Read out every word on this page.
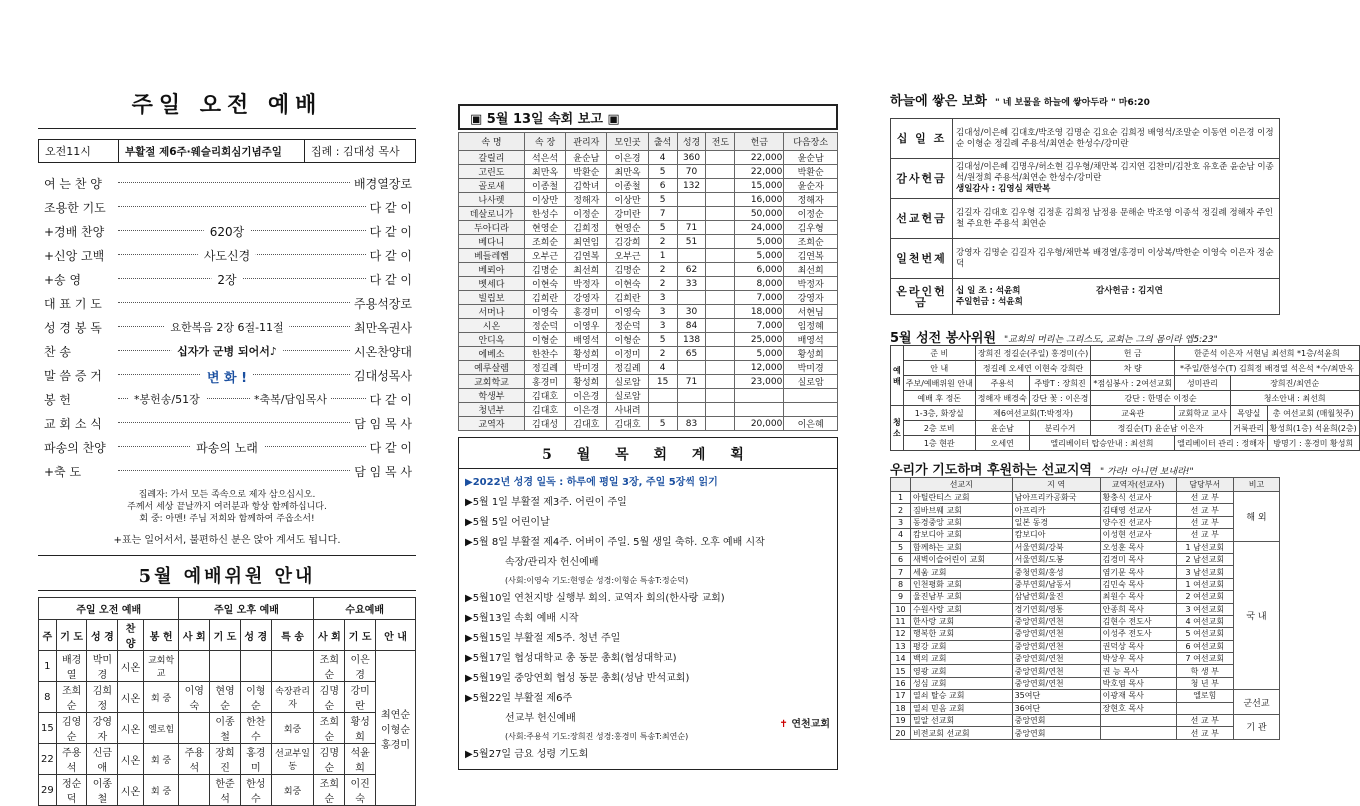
주일 오전 예배
오전11시	부활절 제6주·웨슬리회심기념주일	집례 : 김대성 목사
여 는 찬 양	배경열장로
조용한 기도	다 같 이
+경배 찬양	620장	다 같 이
+신앙 고백	사도신경	다 같 이
+송 영	2장	다 같 이
대 표 기 도	주용석장로
성 경 봉 독	요한복음 2장 6절-11절	최만옥권사
찬 송	십자가 군병 되어서♪	시온찬양대
말 씀 증 거	변 화 !	김대성목사
봉 헌	*봉헌송/51장	*축복/담임목사	다 같 이
교 회 소 식	담 임 목 사
파송의 찬양	파송의 노래	다 같 이
+축 도	담 임 목 사
집례자: 가서 모든 족속으로 제자 삼으십시오.
주께서 세상 끝날까지 여러분과 항상 함께하십니다.
회 중: 아멘! 주님 저희와 함께하여 주옵소서!
+표는 일어서서, 불편하신 분은 앉아 계셔도 됩니다.
5월 예배위원 안내
주일 오전 예배					주일 오후 예배				수요예배		
주	기 도	성 경	찬 양	봉 헌	사 회	기 도	성 경	특 송	사 회	기 도	안 내
1	배경열	박미경	시온	교회학교					조희순	이은경	최연순 이형순 홍경미
8	조희순	김희정	시온	회 중	이영숙	현영순	이형순	속장관리자	김명순	강미란	
15	김영순	강영자	시온	엘로힘		이종철	한찬수	회중	조희순	황성희	
22	주용석	신금애	시온	회 중	주용석	장희진	홍경미	선교부일동	김명순	석윤희	
29	정순덕	이종철	시온	회 중		한준석	한성수	회중	조희순	이진숙	
▣ 5월 13일 속회 보고 ▣
속 명	속 장	관리자	모인곳	출석	성경	전도	헌금	다음장소
갈릴리	석은석	윤순남	이은경	4	360		22,000	윤순남
고린도	최만옥	박환순	최만옥	5	70		22,000	박환순
골로새	이종철	김학녀	이종철	6	132		15,000	윤순자
나사렛	이상만	정해자	이상만	5			16,000	정해자
데살로니가	한성수	이정순	강미란	7			50,000	이정순
두아디라	현영순	김희정	현영순	5	71		24,000	김우형
베다니	조희순	최연임	김강희	2	51		5,000	조희순
베들레헴	오부근	김연복	오부근	1			5,000	김연복
베뢰아	김명순	최선희	김명순	2	62		6,000	최선희
벳세다	이현숙	박정자	이현숙	2	33		8,000	박정자
빌립보	김희란	강영자	김희란	3			7,000	강영자
서머나	이영숙	홍경미	이영숙	3	30		18,000	서현님
시온	정순덕	이영우	정순덕	3	84		7,000	임정혜
안디옥	이형순	배영석	이형순	5	138		25,000	배영석
에베소	한찬수	황성희	이정미	2	65		5,000	황성희
예루살렘	정길례	박미경	정길례	4			12,000	박미경
교회학교	홍경미	황성희	실로암	15	71		23,000	실로암
학생부	김대호	이은경	실로암					
청년부	김대호	이은경	사내려					
교역자	김대성	김대호	김대호	5	83		20,000	이은혜
5 월 목 회 계 획
▶2022년 성경 일독 : 하루에 평일 3장, 주일 5장씩 읽기
▶5월 1일 부활절 제3주. 어린이 주일
▶5월 5일 어린이날
▶5월 8일 부활절 제4주. 어버이 주일. 5월 생일 축하. 오후 예배 시작
속장/관리자 헌신예배
(사회:이영숙 기도:현영순 성경:이형순 특송T:정순덕)
▶5월10일 연천지방 실행부 회의. 교역자 회의(한사랑 교회)
▶5월13일 속회 예배 시작
▶5월15일 부활절 제5주. 청년 주일
▶5월17일 협성대학교 총 동문 총회(협성대학교)
▶5월19일 중앙연회 협성 동문 총회(성남 반석교회)
▶5월22일 부활절 제6주
선교부 헌신예배
(사회:주용석 기도:장희진 성경:홍경미 특송T:최연순)
▶5월27일 금요 성령 기도회
✝ 연천교회
하늘에 쌓은 보화 " 네 보물을 하늘에 쌓아두라 " 마6:20
십 일 조	김대성/이은혜 김대호/박조영 김명순 김요순 김희정 배영석/조말순 이동연 이은경 이정순 이형순 정길례 주용석/최연순 한성수/강미란

감사헌금	김대성/이은혜 김명우/허소현 김우형/채만복 김지연 김찬미/김찬호 유호준 윤순남 이종석/원정희 주용석/최연순 한성수/강미란
생일감사 : 김영심 채만복

선교헌금	김길자 김대호 김우형 김정훈 김희정 남정용 문해순 박조영 이종석 정길례 정해자 주인철 주요한 주용석 최연순

일천번제	강영자 김명순 김길자 김우형/채만복 배경열/홍경미 이상복/박한순 이영숙 이은자 정순덕

온라인헌금	십 일 조 : 석윤희 감사헌금 : 김지연
주일헌금 : 석윤희
5월 성전 봉사위원 "교회의 머리는 그리스도, 교회는 그의 몸이라 엡5:23"
예배	준 비	장희진 정길순(주일) 홍경미(수)		헌 금	한준석 이은자 서현님 최선희 *1층/석윤희		
	안 내	정길례 오세연 이현숙 강희란		차 량	*주일/한성수(T) 김희정 배경열 석은석 *수/최만옥		
	주보/예배위원 안내	주용석	주방T : 장희진	*점심봉사 : 2여선교회	성미관리	장희진/최연순	
	예배 후 정돈	정해자 배경숙	강단 꽃 : 이은경	강단 : 한명순 이정순		청소안내 : 최선희	
청소	1-3층, 화장실	제6여선교회(T:박정자)		교육관	교회학교 교사	목양실	총 여선교회 (매월첫주)
	2층 로비	윤순남	분리수거	정길순(T) 윤순남 이은자		거룩관리	황성희(1층) 석윤희(2층)
	1층 현관	오세연	엘리베이터 탑승안내 : 최선희		엘리베이터 관리 : 정해자		방명기 : 홍경미 황성희
우리가 기도하며 후원하는 선교지역 " 가라! 아니면 보내라!"
	선교지	지 역	교역자(선교사)	담당부서	비고
1	아틸란티스 교회	남아프리카공화국	황충식 선교사	선 교 부	해 외
2	짐바브웨 교회	아프리카	김태영 선교사	선 교 부	
3	동경중앙 교회	일본 동경	양수진 선교사	선 교 부	
4	캄보디아 교회	캄보디아	이성현 선교사	선 교 부	
5	함께하는 교회	서울연회/강북	오성훈 목사	1 남선교회	국 내
6	새벽이슬어린이 교회	서울연회/도봉	김경미 목사	2 남선교회	
7	세움 교회	중청연회/홍성	염기문 목사	3 남선교회	
8	인천평화 교회	중부연회/남동서	김민숙 목사	1 여선교회	
9	울진남부 교회	삼남연회/울진	최원수 목사	2 여선교회	
10	수원사랑 교회	경기연회/영통	안종희 목사	3 여선교회	
11	한사랑 교회	중앙연회/연천	김현수 전도사	4 여선교회	
12	행복한 교회	중앙연회/연천	이성주 전도사	5 여선교회	
13	평강 교회	중앙연회/연천	권덕상 목사	6 여선교회	
14	백의 교회	중앙연회/연천	박상우 목사	7 여선교회	
15	영광 교회	중앙연회/연천	권 능 목사	학 생 부	
16	성심 교회	중앙연회/연천	박호염 목사	청 년 부	
17	열쇠 탈승 교회	35여단	이광재 목사	엘로힘	군선교
18	열쇠 믿음 교회	36여단	장현호 목사		
19	밀알 선교회	중앙연회		선 교 부	기 관
20	비전교회 선교회	중앙연회		선 교 부	
